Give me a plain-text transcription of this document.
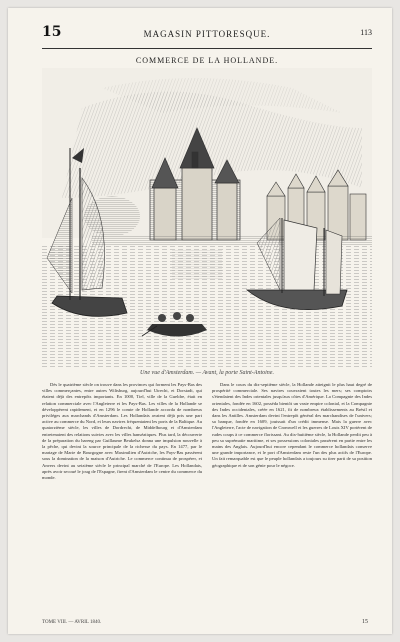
15	MAGASIN PITTORESQUE.	113
COMMERCE DE LA HOLLANDE.
Une vue d'Amsterdam. — Avant, la porte Saint-Antoine.

Dès le quatrième siècle on trouve dans les provinces qui forment les Pays-Bas des villes commerçantes, entre autres Wiltsburg, aujourd'hui Utrecht, et Dorstadt, qui étaient déjà des entrepôts importants. En 1000, Tiel, ville de la Gueldre, était en relation commerciale avec l'Angleterre et les Pays-Bas. Les villes de la Hollande se développèrent rapidement, et en 1296 le comte de Hollande accorda de nombreux priviléges aux marchands d'Amsterdam. Les Hollandais avaient déjà pris une part active au commerce du Nord, et leurs navires fréquentaient les ports de la Baltique. Au quatorzième siècle, les villes de Dordrecht, de Middelbourg et d'Amsterdam entretenaient des relations suivies avec les villes hanséatiques. Plus tard, la découverte de la préparation du hareng par Guillaume Beukelsz donna une impulsion nouvelle à la pêche, qui devint la source principale de la richesse du pays. En 1477, par le mariage de Marie de Bourgogne avec Maximilien d'Autriche, les Pays-Bas passèrent sous la domination de la maison d'Autriche. Le commerce continua de prospérer, et Anvers devint au seizième siècle le principal marché de l'Europe. Les Hollandais, après avoir secoué le joug de l'Espagne, firent d'Amsterdam le centre du commerce du monde.

Dans le cours du dix-septième siècle, la Hollande atteignit le plus haut degré de prospérité commerciale. Ses navires couvraient toutes les mers; ses comptoirs s'étendaient des Indes orientales jusqu'aux côtes d'Amérique. La Compagnie des Indes orientales, fondée en 1602, posséda bientôt un vaste empire colonial, et la Compagnie des Indes occidentales, créée en 1621, fit de nombreux établissements au Brésil et dans les Antilles. Amsterdam devint l'entrepôt général des marchandises de l'univers; sa banque, fondée en 1609, jouissait d'un crédit immense. Mais la guerre avec l'Angleterre, l'acte de navigation de Cromwell et les guerres de Louis XIV portèrent de rudes coups à ce commerce florissant. Au dix-huitième siècle, la Hollande perdit peu à peu sa suprématie maritime, et ses possessions coloniales passèrent en partie entre les mains des Anglais. Aujourd'hui encore cependant le commerce hollandais conserve une grande importance, et le port d'Amsterdam reste l'un des plus actifs de l'Europe. Un fait remarquable est que le peuple hollandais a toujours su tirer parti de sa position géographique et de son génie pour le négoce.

TOME VIII. — AVRIL 1840.	15
